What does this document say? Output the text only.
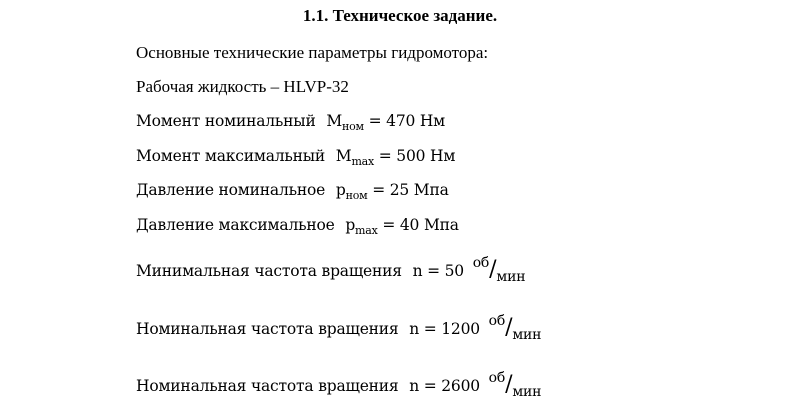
1.1. Техническое задание.
Основные технические параметры гидромотора:
Рабочая жидкость – HLVP-32
Момент номинальный $M_{ном} = 470$ Нм
Момент максимальный $M_{max} = 500$ Нм
Давление номинальное $p_{ном} = 25$ Мпа
Давление максимальное $p_{max} = 40$ Мпа
Минимальная частота вращения n = 50 об/мин
Номинальная частота вращения n = 1200 об/мин
Номинальная частота вращения n = 2600 об/мин
